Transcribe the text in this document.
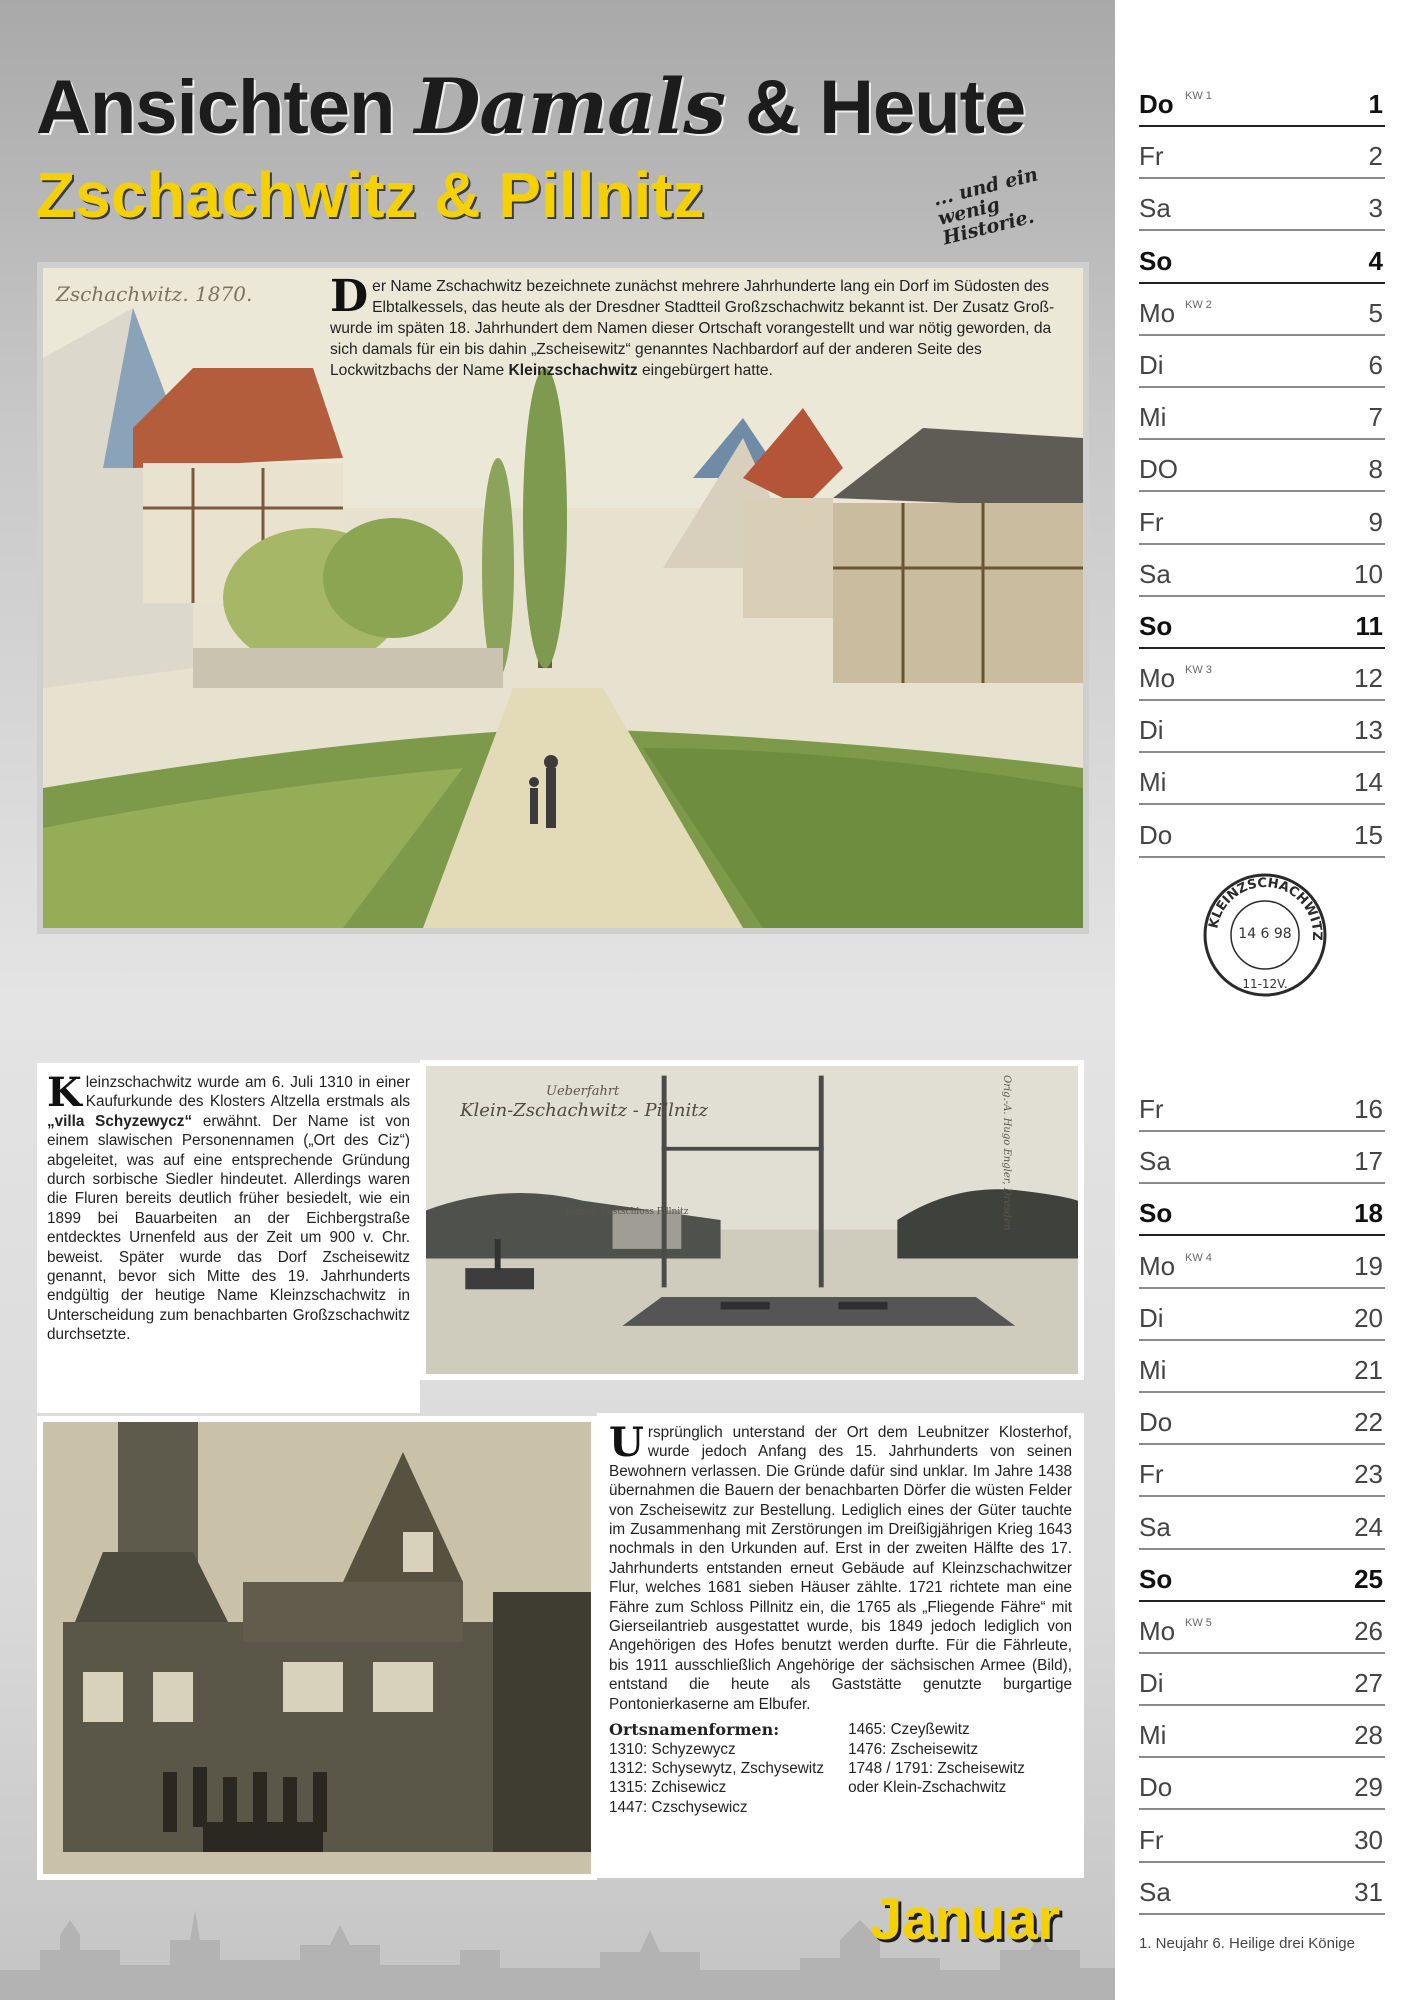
Ansichten Damals & Heute
Zschachwitz & Pillnitz	... und ein wenig Historie.
Zschachwitz. 1870. Der Name Zschachwitz bezeichnete zunächst mehrere Jahrhunderte lang ein Dorf im Südosten des Elbtalkessels, das heute als der Dresdner Stadtteil Großzschachwitz bekannt ist. Der Zusatz Groß- wurde im späten 18. Jahrhundert dem Namen dieser Ortschaft vorangestellt und war nötig geworden, da sich damals für ein bis dahin „Zscheisewitz“ genanntes Nachbardorf auf der anderen Seite des Lockwitzbachs der Name Kleinzschachwitz eingebürgert hatte.
Ueberfahrt
Klein-Zschachwitz - Pillnitz
Königl. Lustschloss Pillnitz	Orig.-A. Hugo Engler, Dresden
Kleinzschachwitz wurde am 6. Juli 1310 in einer Kaufurkunde des Klosters Altzella erstmals als „villa Schyzewycz“ erwähnt. Der Name ist von einem slawischen Personennamen („Ort des Ciz“) abgeleitet, was auf eine entsprechende Gründung durch sorbische Siedler hindeutet. Allerdings waren die Fluren bereits deutlich früher besiedelt, wie ein 1899 bei Bauarbeiten an der Eichbergstraße entdecktes Urnenfeld aus der Zeit um 900 v. Chr. beweist. Später wurde das Dorf Zscheisewitz genannt, bevor sich Mitte des 19. Jahrhunderts endgültig der heutige Name Kleinzschachwitz in Unterscheidung zum benachbarten Großzschachwitz durchsetzte.
Ursprünglich unterstand der Ort dem Leubnitzer Klosterhof, wurde jedoch Anfang des 15. Jahrhunderts von seinen Bewohnern verlassen. Die Gründe dafür sind unklar. Im Jahre 1438 übernahmen die Bauern der benachbarten Dörfer die wüsten Felder von Zscheisewitz zur Bestellung. Lediglich eines der Güter tauchte im Zusammenhang mit Zerstörungen im Dreißigjährigen Krieg 1643 nochmals in den Urkunden auf. Erst in der zweiten Hälfte des 17. Jahrhunderts entstanden erneut Gebäude auf Kleinzschachwitzer Flur, welches 1681 sieben Häuser zählte. 1721 richtete man eine Fähre zum Schloss Pillnitz ein, die 1765 als „Fliegende Fähre“ mit Gierseilantrieb ausgestattet wurde, bis 1849 jedoch lediglich von Angehörigen des Hofes benutzt werden durfte. Für die Fährleute, bis 1911 ausschließlich Angehörige der sächsischen Armee (Bild), entstand die heute als Gaststätte genutzte burgartige Pontonierkaserne am Elbufer.
Ortsnamenformen:
1310: Schyzewycz
1312: Schysewytz, Zschysewitz
1315: Zchisewicz
1447: Czschysewicz
1465: Czeyßewitz
1476: Zscheisewitz
1748 / 1791: Zscheisewitz
oder Klein-Zschachwitz
Januar
Do	1
KW 1
Fr	2
Sa	3
So	4
Mo	5
KW 2
Di	6
Mi	7
DO	8
Fr	9
Sa	10
So	11
Mo	12
KW 3
Di	13
Mi	14
Do	15
Fr	16
Sa	17
So	18
Mo	19
KW 4
Di	20
Mi	21
Do	22
Fr	23
Sa	24
So	25
Mo	26
KW 5
Di	27
Mi	28
Do	29
Fr	30
Sa	31
KLEINZSCHACHWITZ
14 6 98
11-12V.
1. Neujahr 6. Heilige drei Könige
